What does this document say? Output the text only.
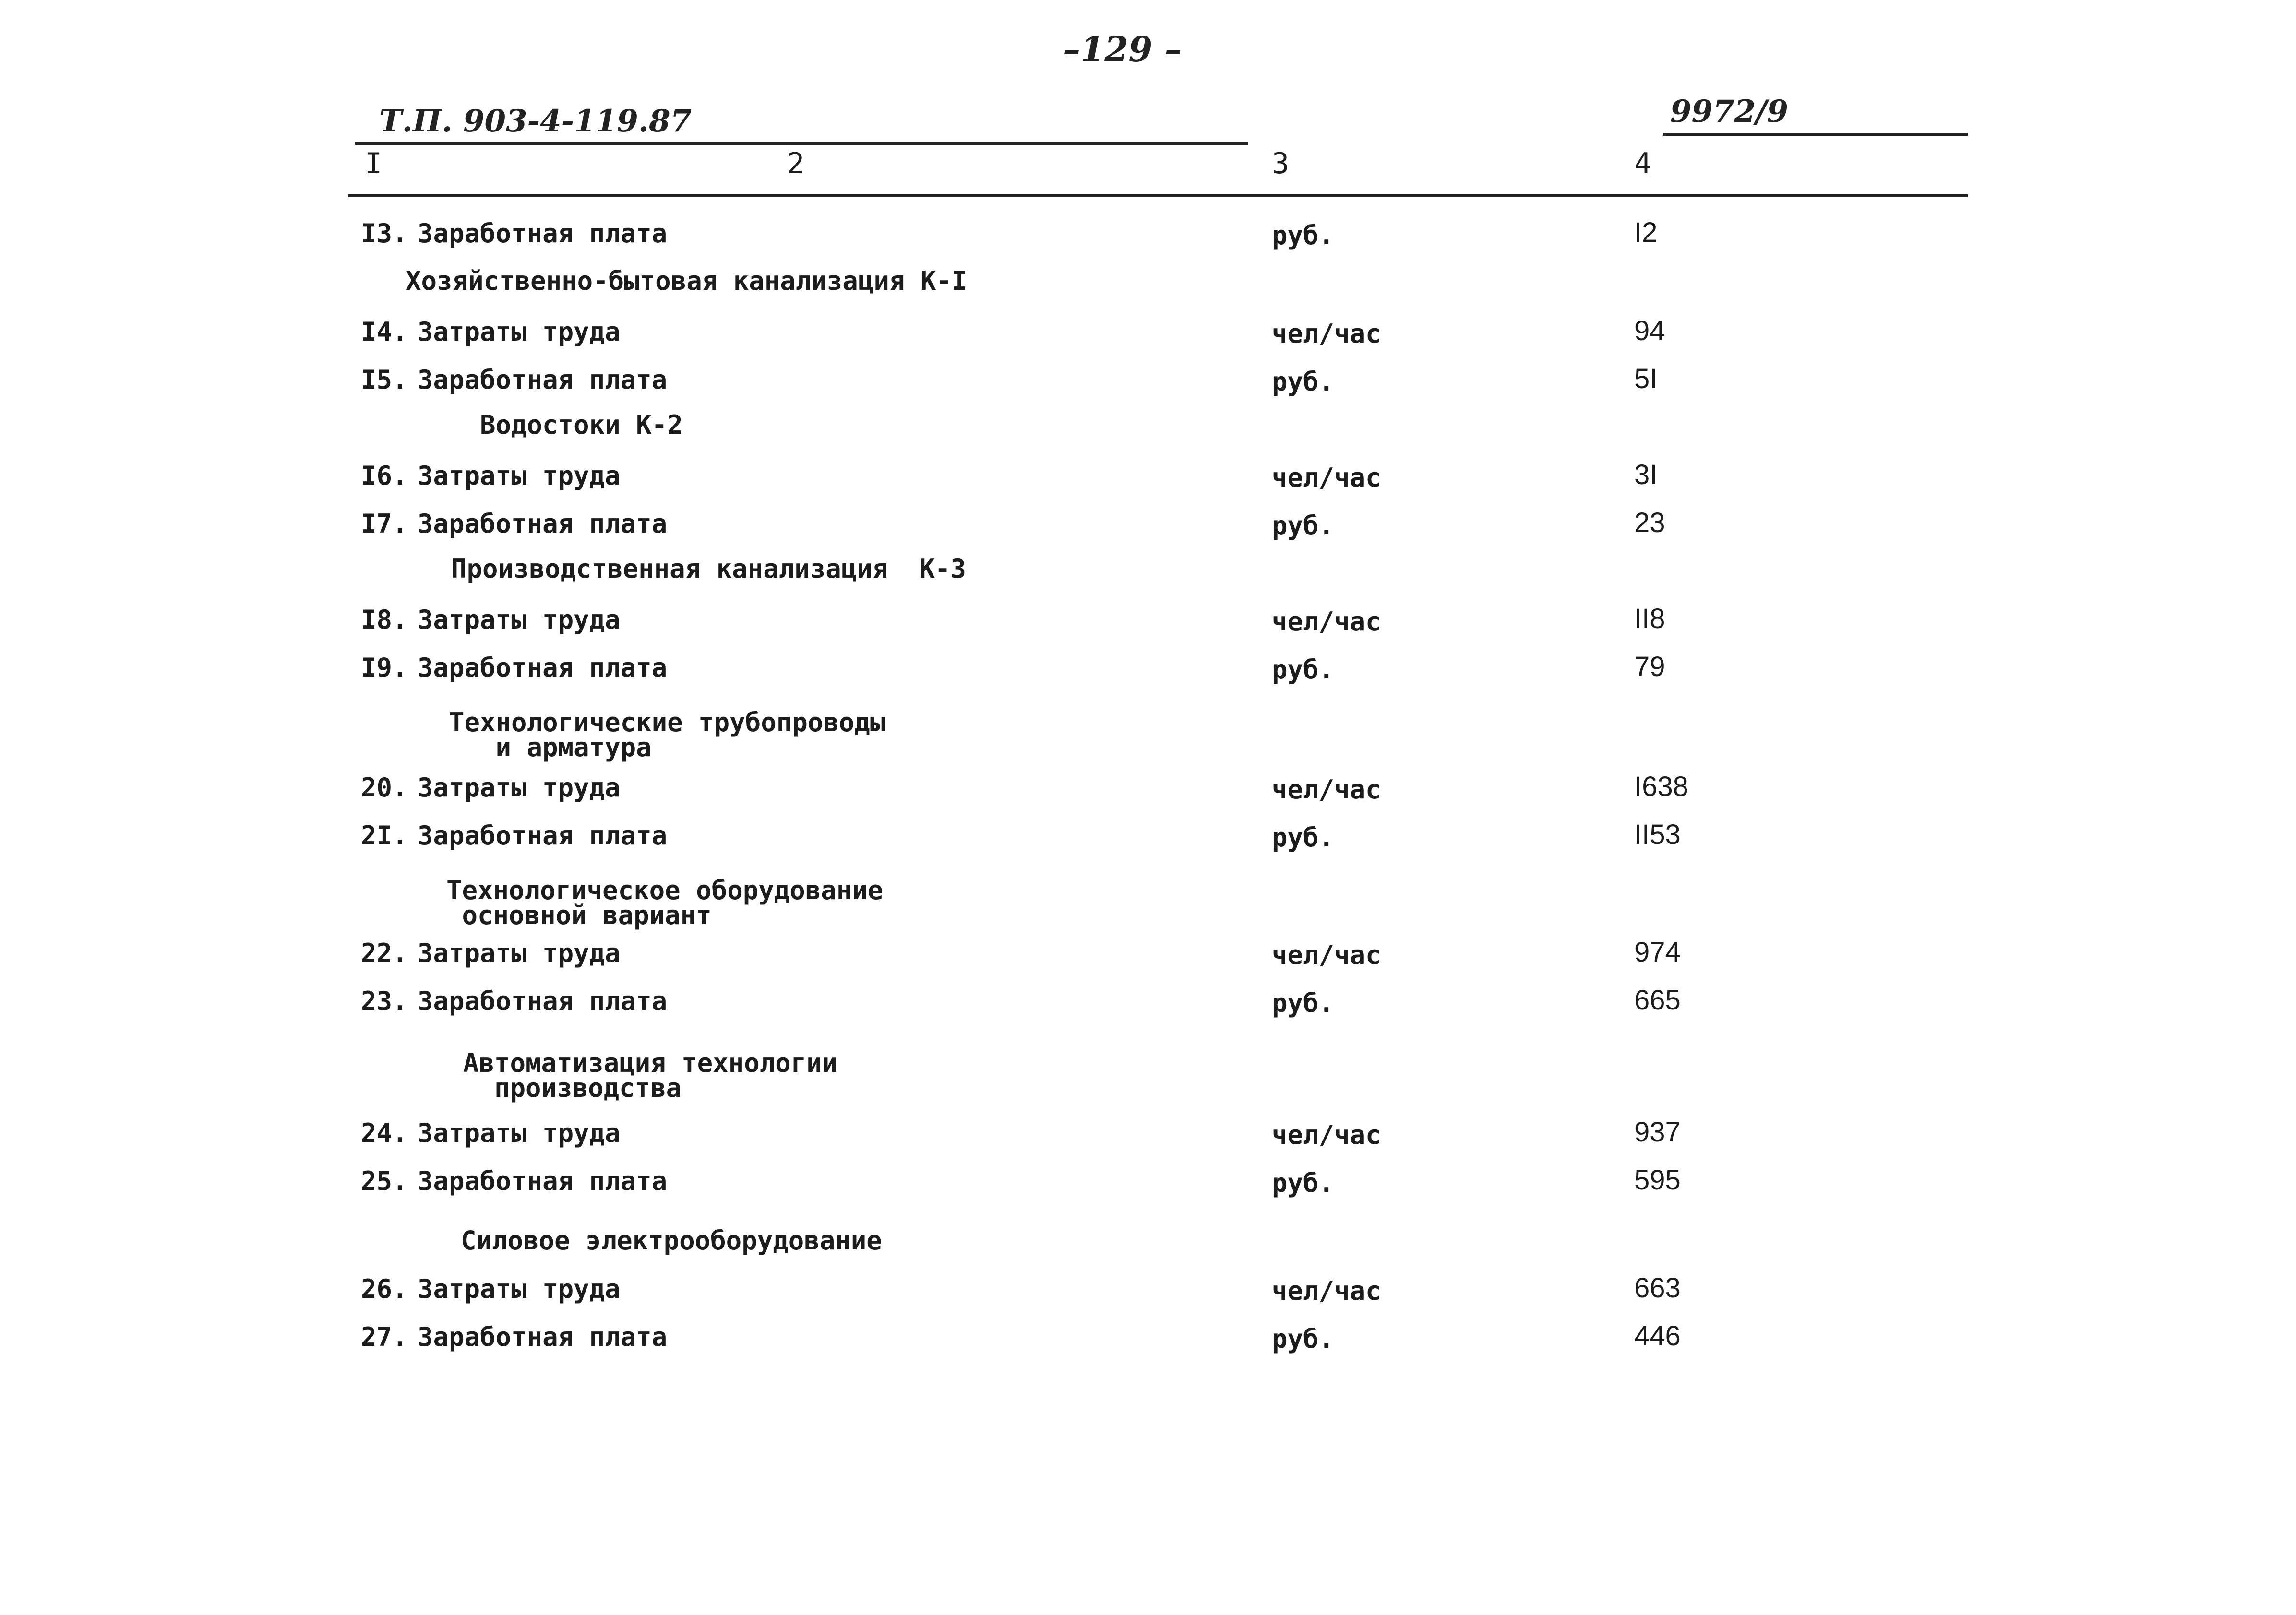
–129 –
Т.П. 903-4-119.87	9972/9
I	2	3	4
I3. Заработная плата	руб.	I2
Хозяйственно-бытовая канализация К-I
I4. Затраты труда	чел/час	94
I5. Заработная плата	руб.	5I
Водостоки К-2
I6. Затраты труда	чел/час	3I
I7. Заработная плата	руб.	23
Производственная канализация  К-3
I8. Затраты труда	чел/час	II8
I9. Заработная плата	руб.	79
Технологические трубопроводы
и арматура
20. Затраты труда	чел/час	I638
2I. Заработная плата	руб.	II53
Технологическое оборудование
основной вариант
22. Затраты труда	чел/час	974
23. Заработная плата	руб.	665
Автоматизация технологии
производства
24. Затраты труда	чел/час	937
25. Заработная плата	руб.	595
Силовое электрооборудование
26. Затраты труда	чел/час	663
27. Заработная плата	руб.	446
